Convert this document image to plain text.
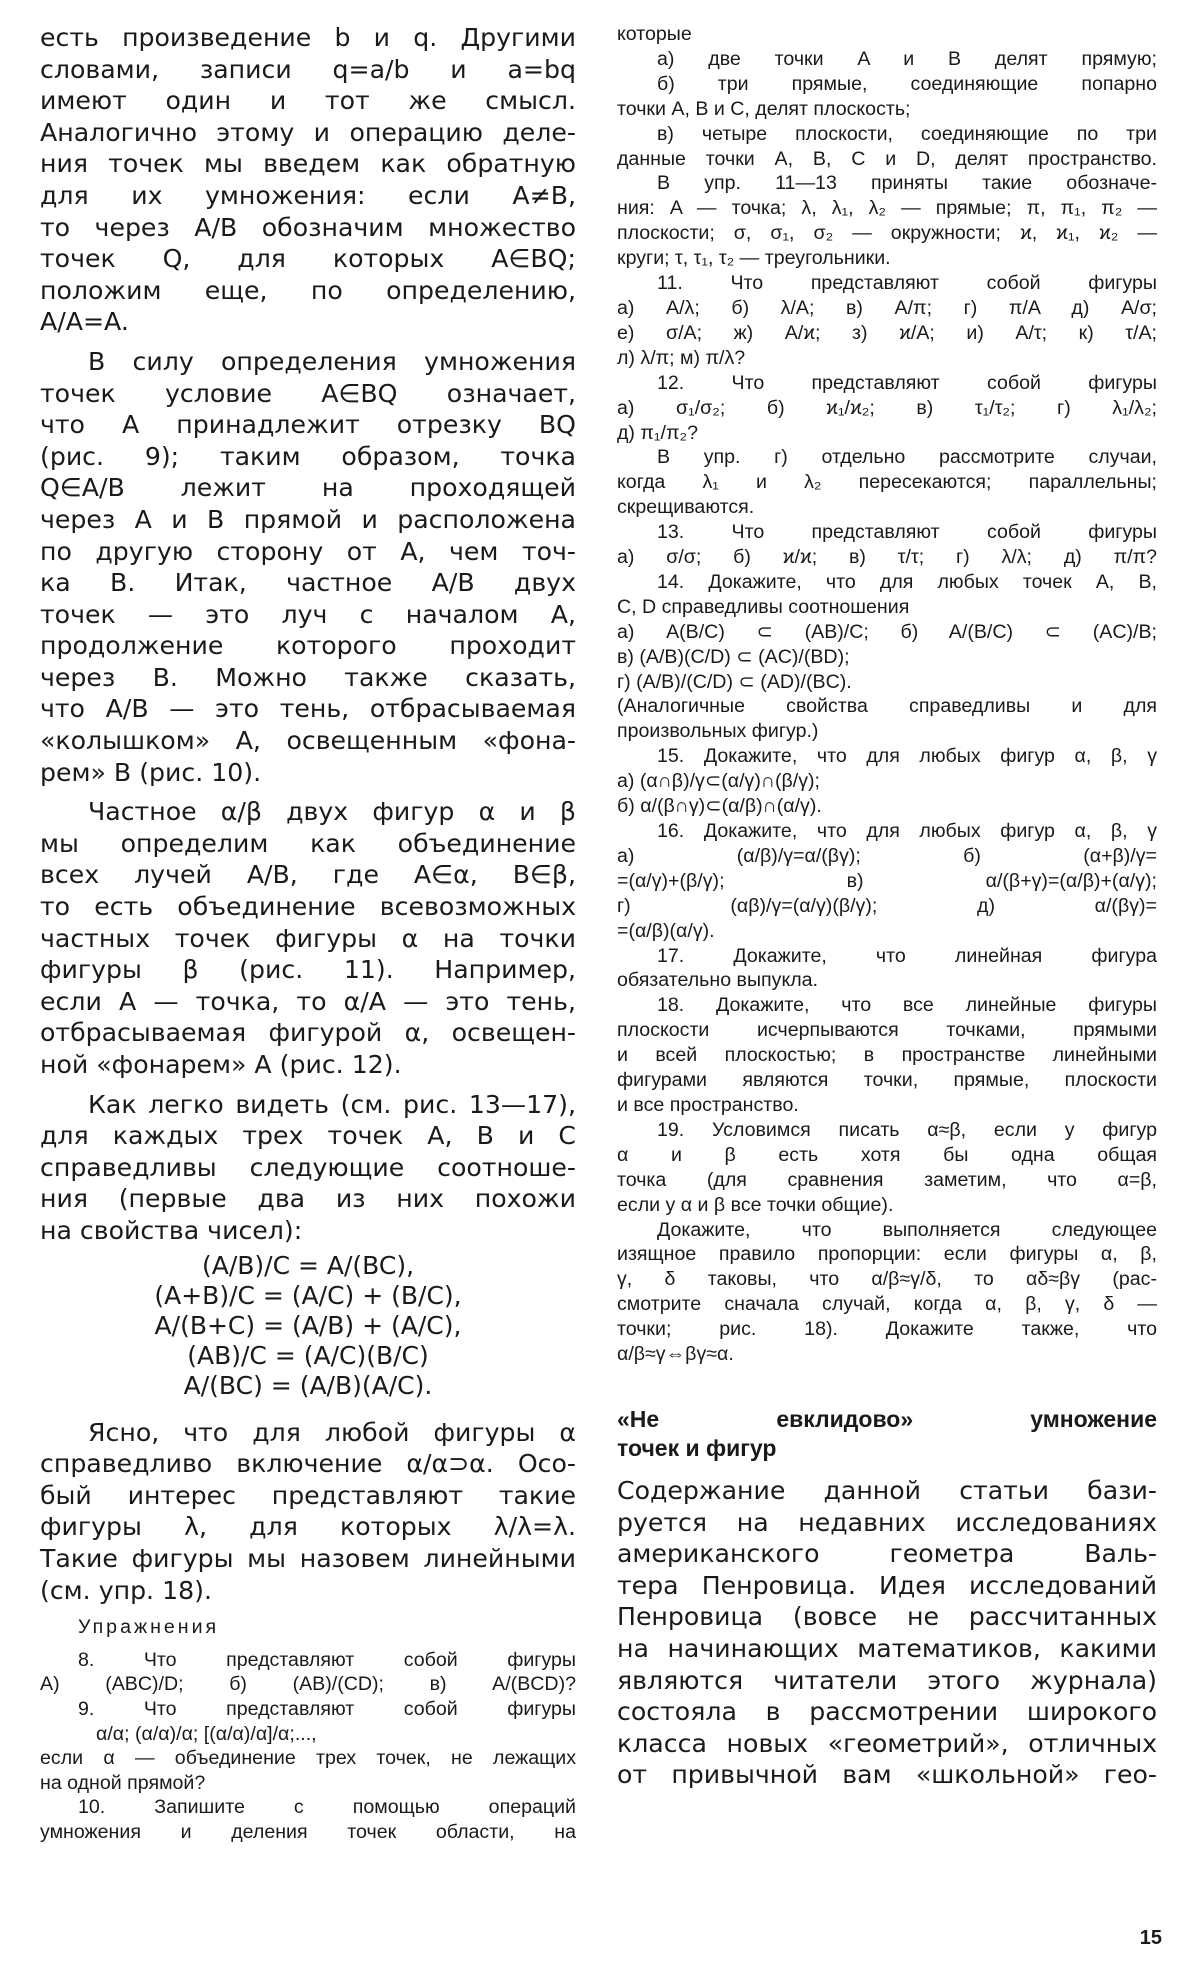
есть произведение b и q. Другими
словами, записи q=a/b и a=bq
имеют один и тот же смысл.
Аналогично этому и операцию деле-
ния точек мы введем как обратную
для их умножения: если A≠B,
то через A/B обозначим множество
точек Q, для которых A∈BQ;
положим еще, по определению,
A/A=A.
В силу определения умножения
точек условие A∈BQ означает,
что A принадлежит отрезку BQ
(рис. 9); таким образом, точка
Q∈A/B лежит на проходящей
через A и B прямой и расположена
по другую сторону от A, чем точ-
ка B. Итак, частное A/B двух
точек — это луч с началом A,
продолжение которого проходит
через B. Можно также сказать,
что A/B — это тень, отбрасываемая
«колышком» A, освещенным «фона-
рем» B (рис. 10).
Частное α/β двух фигур α и β
мы определим как объединение
всех лучей A/B, где A∈α, B∈β,
то есть объединение всевозможных
частных точек фигуры α на точки
фигуры β (рис. 11). Например,
если A — точка, то α/A — это тень,
отбрасываемая фигурой α, освещен-
ной «фонарем» A (рис. 12).
Как легко видеть (см. рис. 13—17),
для каждых трех точек A, B и C
справедливы следующие соотноше-
ния (первые два из них похожи
на свойства чисел):
(A/B)/C = A/(BC),
(A+B)/C = (A/C) + (B/C),
A/(B+C) = (A/B) + (A/C),
(AB)/C = (A/C)(B/C)
A/(BC) = (A/B)(A/C).
Ясно, что для любой фигуры α
справедливо включение α/α⊃α. Осо-
бый интерес представляют такие
фигуры λ, для которых λ/λ=λ.
Такие фигуры мы назовем линейными
(см. упр. 18).
Упражнения
8. Что представляют собой фигуры
А) (ABC)/D; б) (AB)/(CD); в) A/(BCD)?
9. Что представляют собой фигуры
α/α; (α/α)/α; [(α/α)/α]/α;...,
если α — объединение трех точек, не лежащих
на одной прямой?
10. Запишите с помощью операций
умножения и деления точек области, на
которые
а) две точки A и B делят прямую;
б) три прямые, соединяющие попарно
точки A, B и C, делят плоскость;
в) четыре плоскости, соединяющие по три
данные точки A, B, C и D, делят пространство.
В упр. 11—13 приняты такие обозначе-
ния: A — точка; λ, λ₁, λ₂ — прямые; π, π₁, π₂ —
плоскости; σ, σ₁, σ₂ — окружности; ϰ, ϰ₁, ϰ₂ —
круги; τ, τ₁, τ₂ — треугольники.
11. Что представляют собой фигуры
а) A/λ; б) λ/A; в) A/π; г) π/A д) A/σ;
е) σ/A; ж) A/ϰ; з) ϰ/A; и) A/τ; к) τ/A;
л) λ/π; м) π/λ?
12. Что представляют собой фигуры
а) σ₁/σ₂; б) ϰ₁/ϰ₂; в) τ₁/τ₂; г) λ₁/λ₂;
д) π₁/π₂?
В упр. г) отдельно рассмотрите случаи,
когда λ₁ и λ₂ пересекаются; параллельны;
скрещиваются.
13. Что представляют собой фигуры
а) σ/σ; б) ϰ/ϰ; в) τ/τ; г) λ/λ; д) π/π?
14. Докажите, что для любых точек A, B,
C, D справедливы соотношения
а) A(B/C) ⊂ (AB)/C; б) A/(B/C) ⊂ (AC)/B;
в) (A/B)(C/D) ⊂ (AC)/(BD);
г) (A/B)/(C/D) ⊂ (AD)/(BC).
(Аналогичные свойства справедливы и для
произвольных фигур.)
15. Докажите, что для любых фигур α, β, γ
а) (α∩β)/γ⊂(α/γ)∩(β/γ);
б) α/(β∩γ)⊂(α/β)∩(α/γ).
16. Докажите, что для любых фигур α, β, γ
а) (α/β)/γ=α/(βγ); б) (α+β)/γ=
=(α/γ)+(β/γ); в) α/(β+γ)=(α/β)+(α/γ);
г) (αβ)/γ=(α/γ)(β/γ); д) α/(βγ)=
=(α/β)(α/γ).
17. Докажите, что линейная фигура
обязательно выпукла.
18. Докажите, что все линейные фигуры
плоскости исчерпываются точками, прямыми
и всей плоскостью; в пространстве линейными
фигурами являются точки, прямые, плоскости
и все пространство.
19. Условимся писать α≈β, если у фигур
α и β есть хотя бы одна общая
точка (для сравнения заметим, что α=β,
если у α и β все точки общие).
Докажите, что выполняется следующее
изящное правило пропорции: если фигуры α, β,
γ, δ таковы, что α/β≈γ/δ, то αδ≈βγ (рас-
смотрите сначала случай, когда α, β, γ, δ —
точки; рис. 18). Докажите также, что
α/β≈γ⇔βγ≈α.
«Не евклидово» умножение
точек и фигур
Содержание данной статьи бази-
руется на недавних исследованиях
американского геометра Валь-
тера Пенровица. Идея исследований
Пенровица (вовсе не рассчитанных
на начинающих математиков, какими
являются читатели этого журнала)
состояла в рассмотрении широкого
класса новых «геометрий», отличных
от привычной вам «школьной» гео-
15
